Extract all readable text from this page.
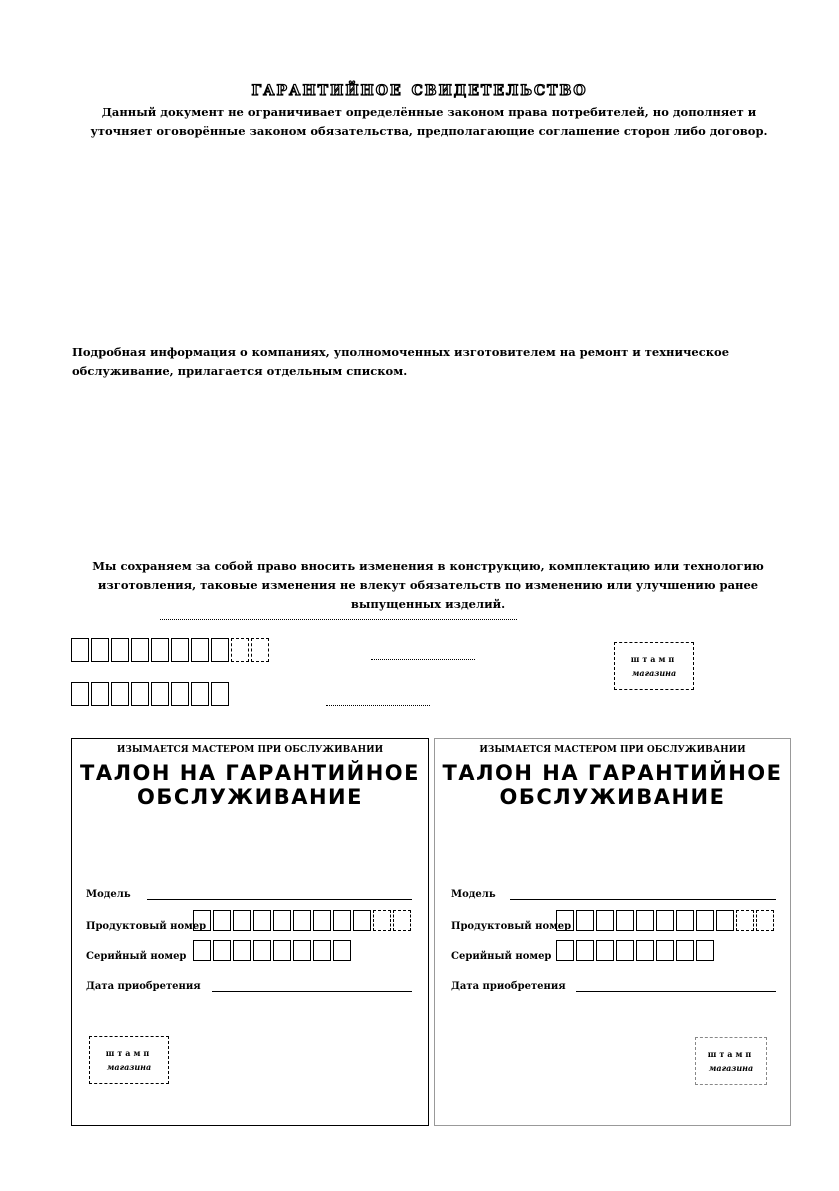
гарантийное свидетельство
Данный документ не ограничивает определённые законом права потребителей, но дополняет и уточняет оговорённые законом обязательства, предполагающие соглашение сторон либо договор.
Подробная информация о компаниях, уполномоченных изготовителем на ремонт и техническое обслуживание, прилагается отдельным списком.
Мы сохраняем за собой право вносить изменения в конструкцию, комплектацию или технологию изготовления, таковые изменения не влекут обязательств по изменению или улучшению ранее выпущенных изделий.
штамп
магазина
ИЗЫМАЕТСЯ МАСТЕРОМ ПРИ ОБСЛУЖИВАНИИ
ТАЛОН НА ГАРАНТИЙНОЕ
ОБСЛУЖИВАНИЕ
Модель
Продуктовый номер
Серийный номер
Дата приобретения
штамп
магазина
ИЗЫМАЕТСЯ МАСТЕРОМ ПРИ ОБСЛУЖИВАНИИ
ТАЛОН НА ГАРАНТИЙНОЕ
ОБСЛУЖИВАНИЕ
Модель
Продуктовый номер
Серийный номер
Дата приобретения
штамп
магазина
